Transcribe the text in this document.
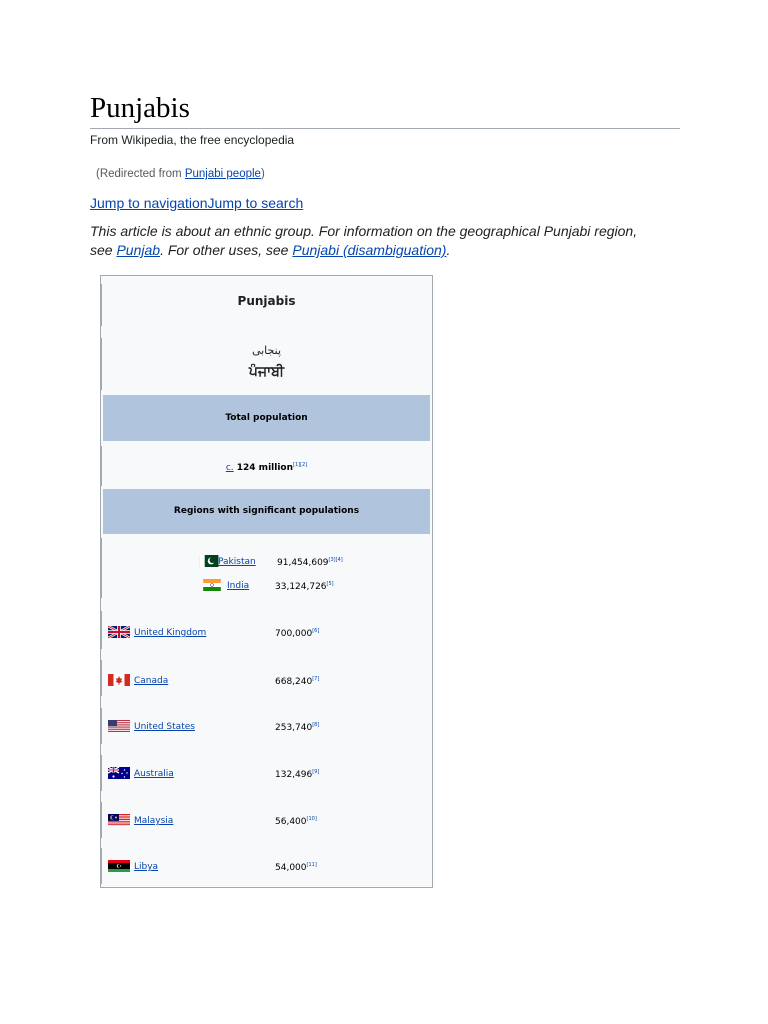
Punjabis
From Wikipedia, the free encyclopedia
(Redirected from Punjabi people)
Jump to navigationJump to search
This article is about an ethnic group. For information on the geographical Punjabi region, see Punjab. For other uses, see Punjabi (disambiguation).
Punjabis
پنجابی
ਪੰਜਾਬੀ
Total population
c. 124 million[1][2]
Regions with significant populations
Pakistan 91,454,609[3][4]
India	33,124,726[5]
United Kingdom	700,000[6]
Canada	668,240[7]
United States	253,740[8]
Australia	132,496[9]
Malaysia	56,400[10]
Libya	54,000[11]
